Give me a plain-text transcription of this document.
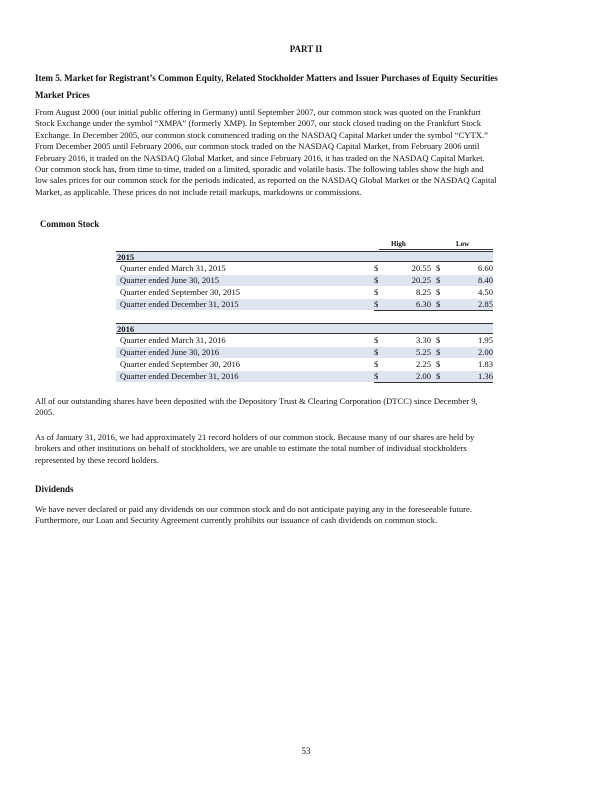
PART II
Item 5. Market for Registrant’s Common Equity, Related Stockholder Matters and Issuer Purchases of Equity Securities
Market Prices

From August 2000 (our initial public offering in Germany) until September 2007, our common stock was quoted on the Frankfurt
Stock Exchange under the symbol “XMPA” (formerly XMP). In September 2007, our stock closed trading on the Frankfurt Stock
Exchange. In December 2005, our common stock commenced trading on the NASDAQ Capital Market under the symbol “CYTX.”
From December 2005 until February 2006, our common stock traded on the NASDAQ Capital Market, from February 2006 until
February 2016, it traded on the NASDAQ Global Market, and since February 2016, it has traded on the NASDAQ Capital Market.
Our common stock has, from time to time, traded on a limited, sporadic and volatile basis. The following tables show the high and
low sales prices for our common stock for the periods indicated, as reported on the NASDAQ Global Market or the NASDAQ Capital
Market, as applicable. These prices do not include retail markups, markdowns or commissions.

Common Stock
High	Low
2015
Quarter ended March 31, 2015	$	20.55 $	6.60
Quarter ended June 30, 2015	$	20.25 $	8.40
Quarter ended September 30, 2015	$	8.25 $	4.50
Quarter ended December 31, 2015	$	6.30 $	2.85
2016
Quarter ended March 31, 2016	$	3.30 $	1.95
Quarter ended June 30, 2016	$	5.25 $	2.00
Quarter ended September 30, 2016	$	2.25 $	1.83
Quarter ended December 31, 2016	$	2.00 $	1.36

All of our outstanding shares have been deposited with the Depository Trust & Clearing Corporation (DTCC) since December 9,
2005.

As of January 31, 2016, we had approximately 21 record holders of our common stock. Because many of our shares are held by
brokers and other institutions on behalf of stockholders, we are unable to estimate the total number of individual stockholders
represented by these record holders.

Dividends

We have never declared or paid any dividends on our common stock and do not anticipate paying any in the foreseeable future.
Furthermore, our Loan and Security Agreement currently prohibits our issuance of cash dividends on common stock.

53
